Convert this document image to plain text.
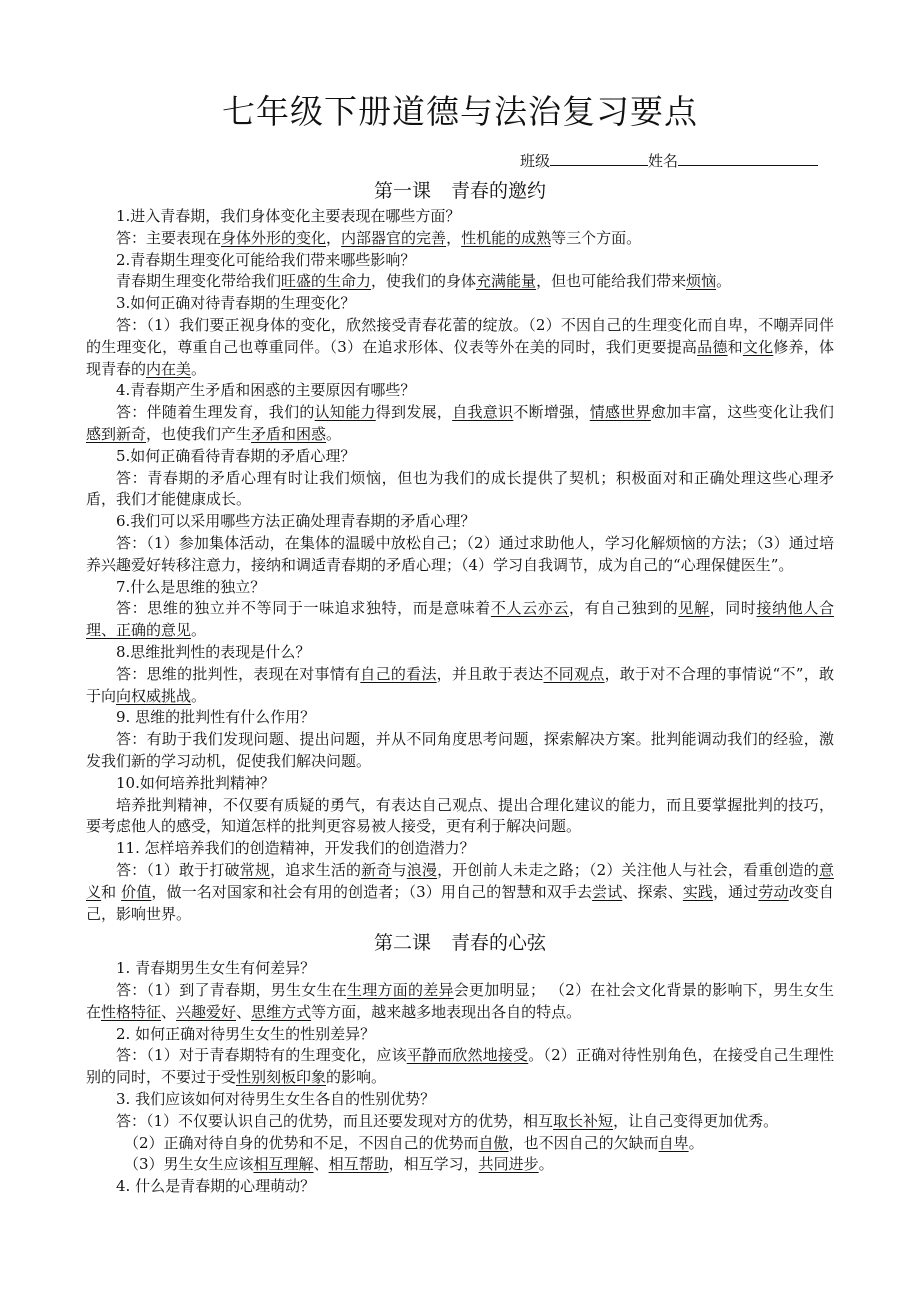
七年级下册道德与法治复习要点
班级	姓名
第一课 青春的邀约

1.进入青春期，我们身体变化主要表现在哪些方面？

答：主要表现在身体外形的变化，内部器官的完善，性机能的成熟等三个方面。

2.青春期生理变化可能给我们带来哪些影响？

青春期生理变化带给我们旺盛的生命力，使我们的身体充满能量，但也可能给我们带来烦恼。

3.如何正确对待青春期的生理变化？

答：（1）我们要正视身体的变化，欣然接受青春花蕾的绽放。（2）不因自己的生理变化而自卑，不嘲弄同伴的生理变化，尊重自己也尊重同伴。（3）在追求形体、仪表等外在美的同时，我们更要提高品德和文化修养，体现青春的内在美。

4.青春期产生矛盾和困惑的主要原因有哪些？

答：伴随着生理发育，我们的认知能力得到发展，自我意识不断增强，情感世界愈加丰富，这些变化让我们感到新奇，也使我们产生矛盾和困惑。

5.如何正确看待青春期的矛盾心理？

答：青春期的矛盾心理有时让我们烦恼，但也为我们的成长提供了契机；积极面对和正确处理这些心理矛盾，我们才能健康成长。

6.我们可以采用哪些方法正确处理青春期的矛盾心理？

答：（1）参加集体活动，在集体的温暖中放松自己；（2）通过求助他人，学习化解烦恼的方法；（3）通过培养兴趣爱好转移注意力，接纳和调适青春期的矛盾心理；（4）学习自我调节，成为自己的“心理保健医生”。

7.什么是思维的独立？

答：思维的独立并不等同于一味追求独特，而是意味着不人云亦云，有自己独到的见解，同时接纳他人合理、正确的意见。

8.思维批判性的表现是什么？

答：思维的批判性，表现在对事情有自己的看法，并且敢于表达不同观点，敢于对不合理的事情说“不”，敢于向向权威挑战。

9. 思维的批判性有什么作用？

答：有助于我们发现问题、提出问题，并从不同角度思考问题，探索解决方案。批判能调动我们的经验，激发我们新的学习动机，促使我们解决问题。

10.如何培养批判精神？

培养批判精神，不仅要有质疑的勇气，有表达自己观点、提出合理化建议的能力，而且要掌握批判的技巧，要考虑他人的感受，知道怎样的批判更容易被人接受，更有利于解决问题。

11. 怎样培养我们的创造精神，开发我们的创造潜力？

答：（1）敢于打破常规，追求生活的新奇与浪漫，开创前人未走之路；（2）关注他人与社会，看重创造的意义和 价值，做一名对国家和社会有用的创造者；（3）用自己的智慧和双手去尝试、探索、实践，通过劳动改变自己，影响世界。

第二课 青春的心弦

1. 青春期男生女生有何差异？

答：（1）到了青春期，男生女生在生理方面的差异会更加明显； （2）在社会文化背景的影响下，男生女生在性格特征、兴趣爱好、思维方式等方面，越来越多地表现出各自的特点。

2. 如何正确对待男生女生的性别差异？

答：（1）对于青春期特有的生理变化，应该平静而欣然地接受。（2）正确对待性别角色，在接受自己生理性别的同时，不要过于受性别刻板印象的影响。

3. 我们应该如何对待男生女生各自的性别优势？

答：（1）不仅要认识自己的优势，而且还要发现对方的优势，相互取长补短，让自己变得更加优秀。

（2）正确对待自身的优势和不足，不因自己的优势而自傲，也不因自己的欠缺而自卑。

（3）男生女生应该相互理解、相互帮助，相互学习，共同进步。

4. 什么是青春期的心理萌动？
